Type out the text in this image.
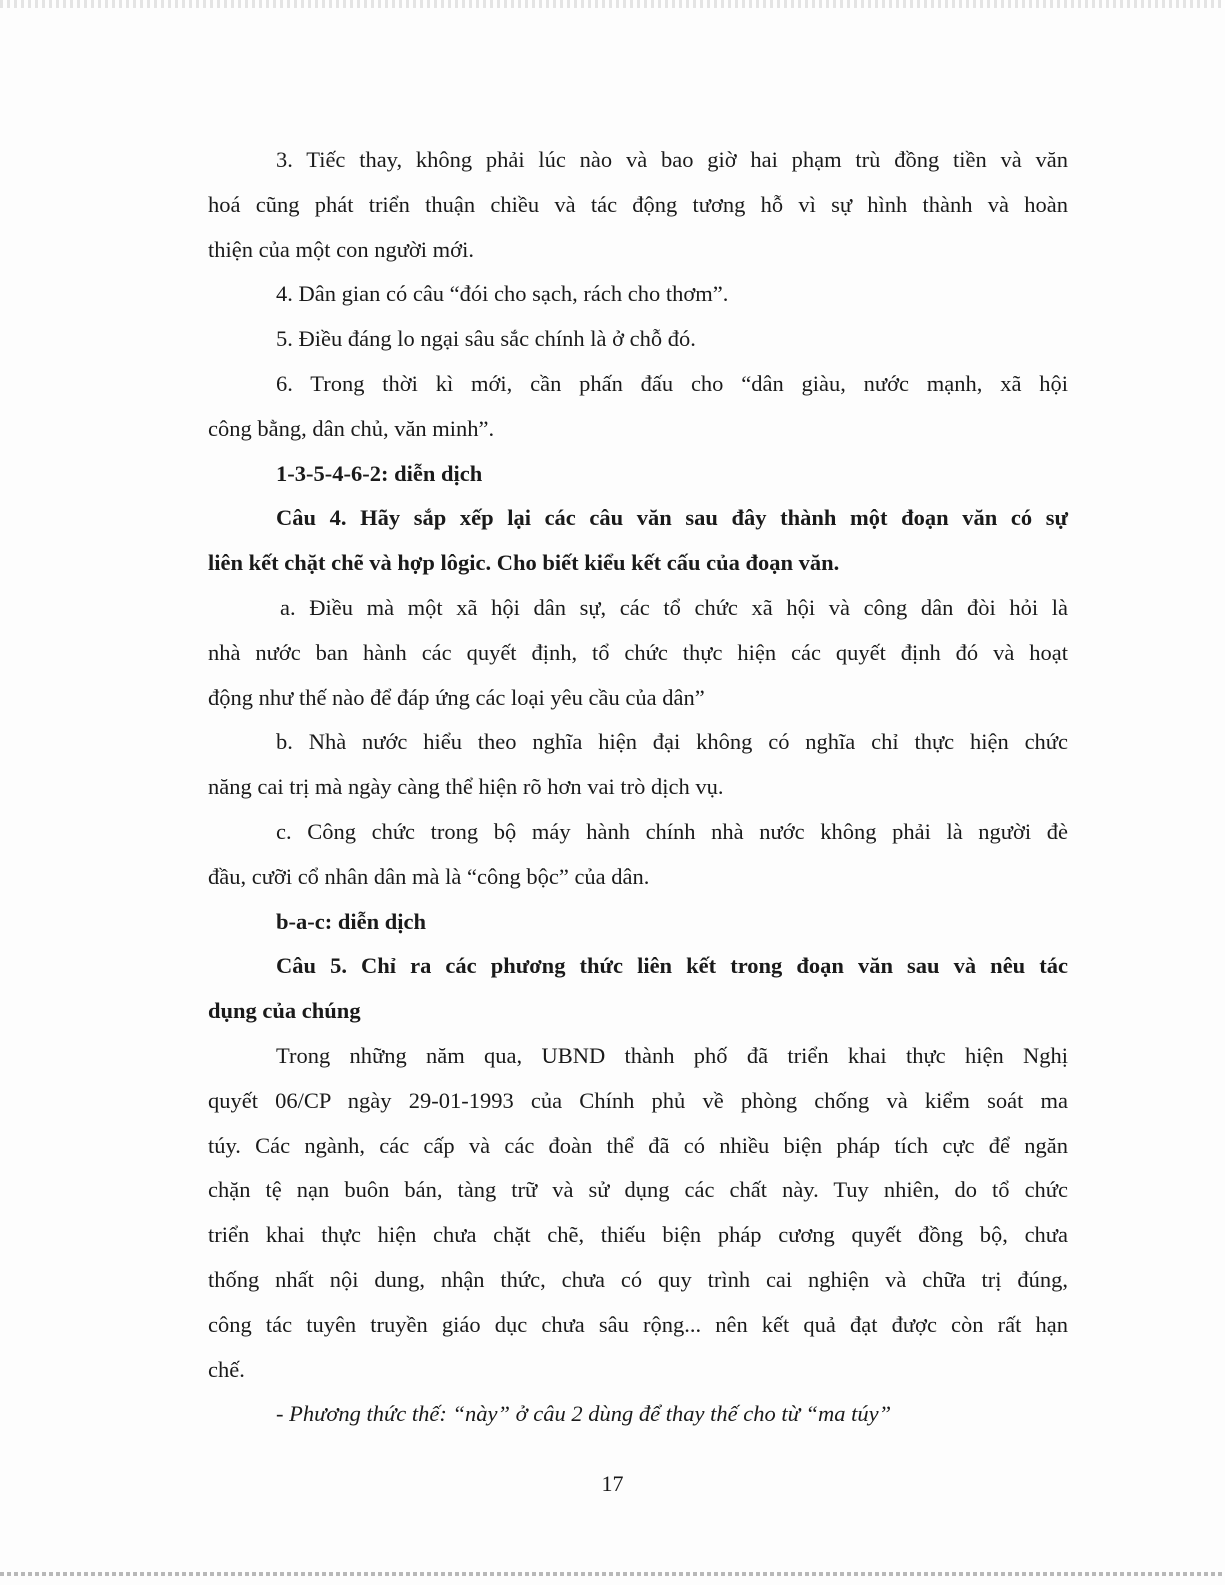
3. Tiếc thay, không phải lúc nào và bao giờ hai phạm trù đồng tiền và văn
hoá cũng phát triển thuận chiều và tác động tương hỗ vì sự hình thành và hoàn
thiện của một con người mới.
4. Dân gian có câu “đói cho sạch, rách cho thơm”.
5. Điều đáng lo ngại sâu sắc chính là ở chỗ đó.
6. Trong thời kì mới, cần phấn đấu cho “dân giàu, nước mạnh, xã hội
công bằng, dân chủ, văn minh”.
1-3-5-4-6-2: diễn dịch
Câu 4. Hãy sắp xếp lại các câu văn sau đây thành một đoạn văn có sự
liên kết chặt chẽ và hợp lôgic. Cho biết kiểu kết cấu của đoạn văn.
a. Điều mà một xã hội dân sự, các tổ chức xã hội và công dân đòi hỏi là
nhà nước ban hành các quyết định, tổ chức thực hiện các quyết định đó và hoạt
động như thế nào để đáp ứng các loại yêu cầu của dân”
b. Nhà nước hiểu theo nghĩa hiện đại không có nghĩa chỉ thực hiện chức
năng cai trị mà ngày càng thể hiện rõ hơn vai trò dịch vụ.
c. Công chức trong bộ máy hành chính nhà nước không phải là người đè
đầu, cưỡi cổ nhân dân mà là “công bộc” của dân.
b-a-c: diễn dịch
Câu 5. Chỉ ra các phương thức liên kết trong đoạn văn sau và nêu tác
dụng của chúng
Trong những năm qua, UBND thành phố đã triển khai thực hiện Nghị
quyết 06/CP ngày 29-01-1993 của Chính phủ về phòng chống và kiểm soát ma
túy. Các ngành, các cấp và các đoàn thể đã có nhiều biện pháp tích cực để ngăn
chặn tệ nạn buôn bán, tàng trữ và sử dụng các chất này. Tuy nhiên, do tổ chức
triển khai thực hiện chưa chặt chẽ, thiếu biện pháp cương quyết đồng bộ, chưa
thống nhất nội dung, nhận thức, chưa có quy trình cai nghiện và chữa trị đúng,
công tác tuyên truyền giáo dục chưa sâu rộng... nên kết quả đạt được còn rất hạn
chế.
- Phương thức thế: “này” ở câu 2 dùng để thay thế cho từ “ma túy”
17
